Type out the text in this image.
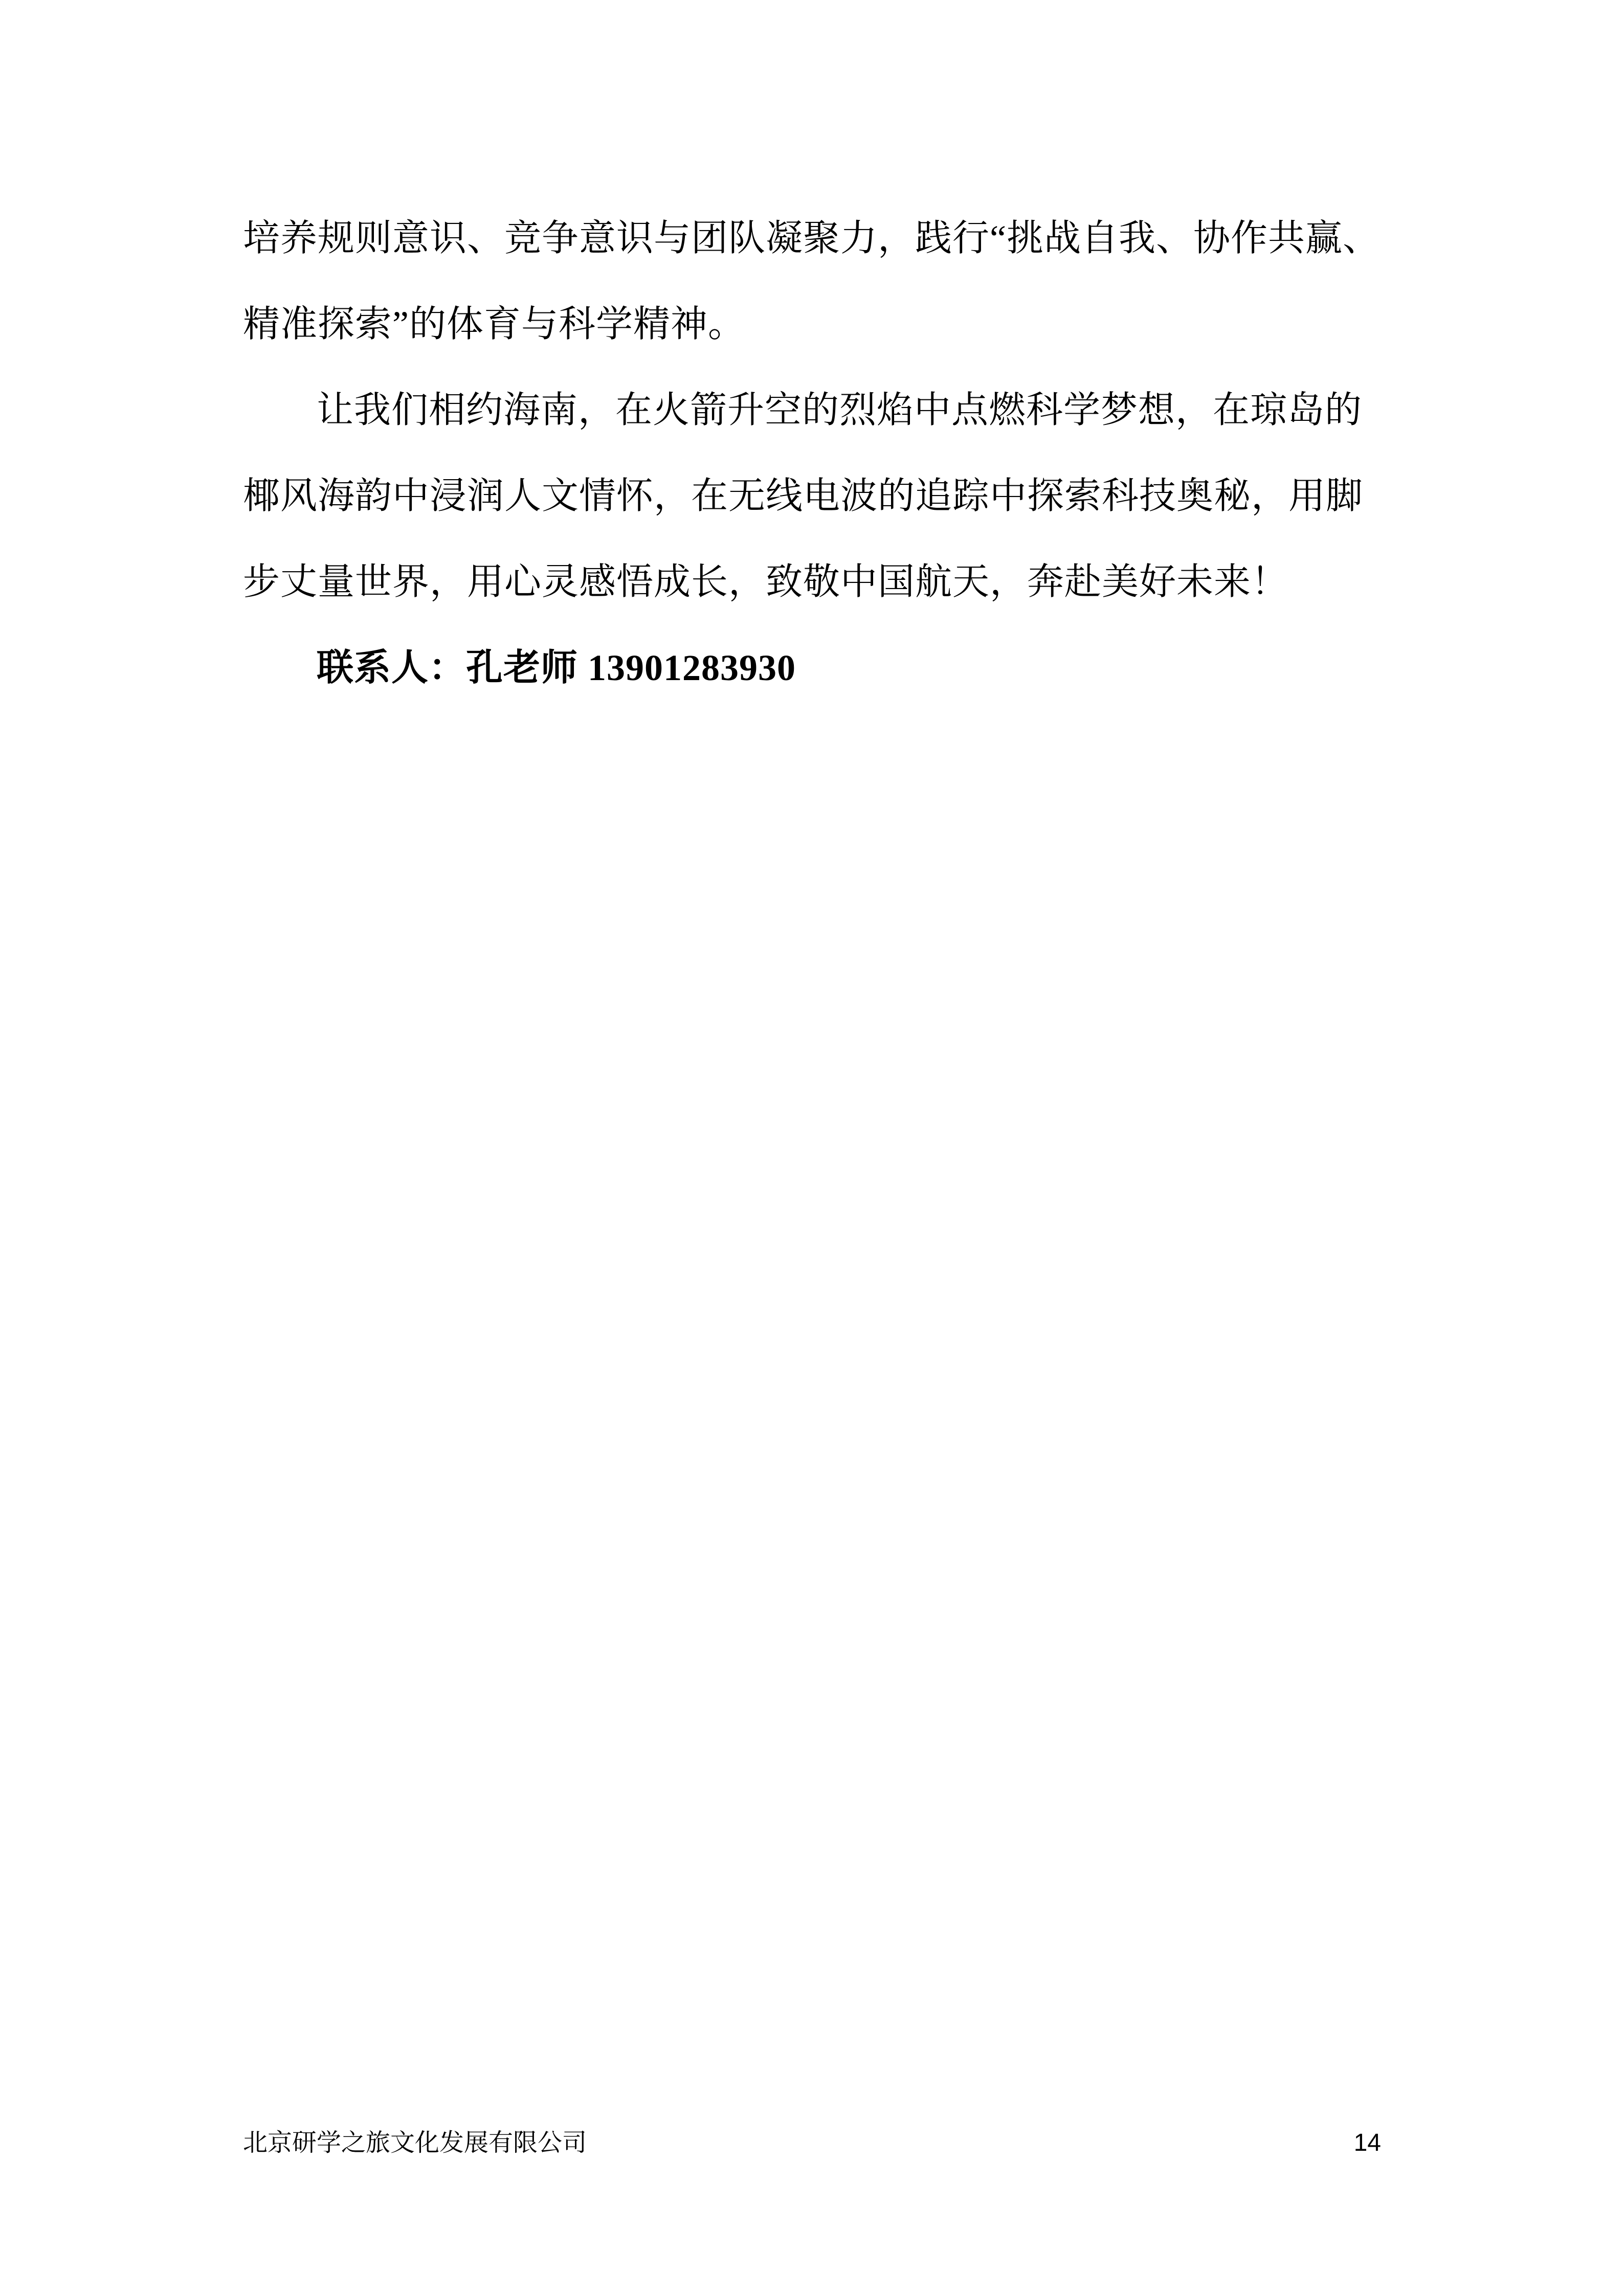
培养规则意识、竞争意识与团队凝聚力，践行“挑战自我、协作共赢、
精准探索”的体育与科学精神。
让我们相约海南，在火箭升空的烈焰中点燃科学梦想，在琼岛的
椰风海韵中浸润人文情怀，在无线电波的追踪中探索科技奥秘，用脚
步丈量世界，用心灵感悟成长，致敬中国航天，奔赴美好未来！
联系人：孔老师 13901283930
北京研学之旅文化发展有限公司	14
